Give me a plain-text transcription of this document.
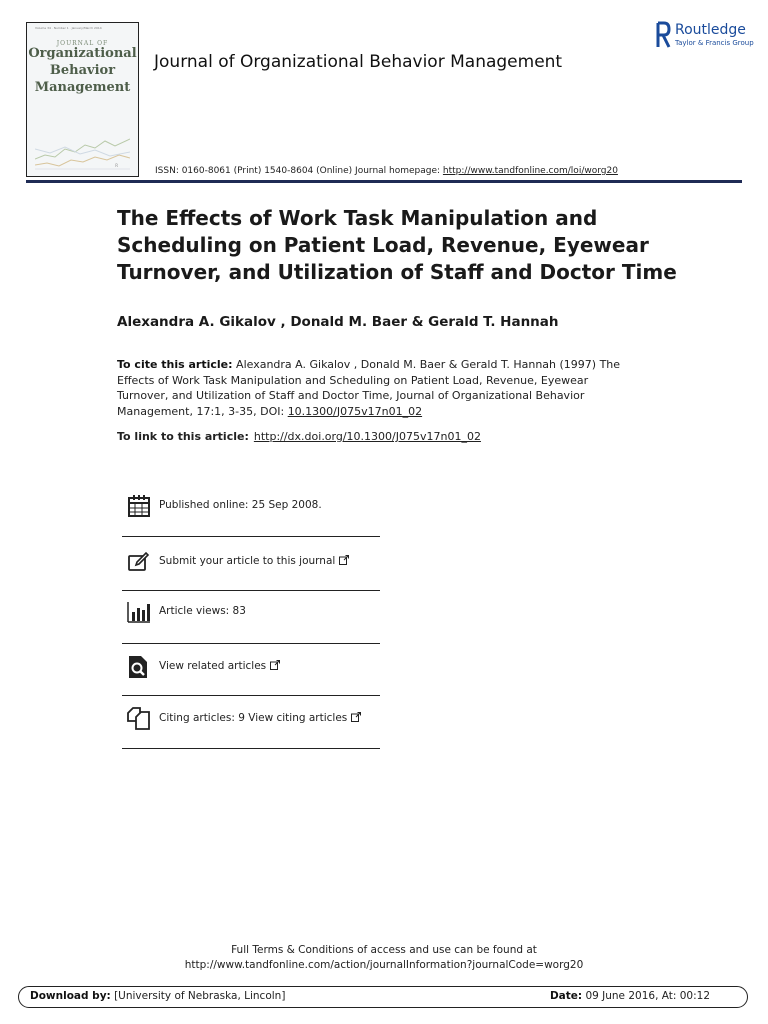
Volume 34 · Number 1 · January/March 2014
JOURNAL OF
Organizational
Behavior
Management
R
Journal of Organizational Behavior Management
Routledge
Taylor & Francis Group
ISSN: 0160-8061 (Print) 1540-8604 (Online) Journal homepage: http://www.tandfonline.com/loi/worg20
The Effects of Work Task Manipulation and Scheduling on Patient Load, Revenue, Eyewear Turnover, and Utilization of Staff and Doctor Time
Alexandra A. Gikalov , Donald M. Baer & Gerald T. Hannah
To cite this article: Alexandra A. Gikalov , Donald M. Baer & Gerald T. Hannah (1997) The Effects of Work Task Manipulation and Scheduling on Patient Load, Revenue, Eyewear Turnover, and Utilization of Staff and Doctor Time, Journal of Organizational Behavior Management, 17:1, 3-35, DOI: 10.1300/J075v17n01_02
To link to this article: http://dx.doi.org/10.1300/J075v17n01_02
Published online: 25 Sep 2008.
Submit your article to this journal
Article views: 83
View related articles
Citing articles: 9 View citing articles
Full Terms & Conditions of access and use can be found at
http://www.tandfonline.com/action/journalInformation?journalCode=worg20
Download by: [University of Nebraska, Lincoln]	Date: 09 June 2016, At: 00:12
